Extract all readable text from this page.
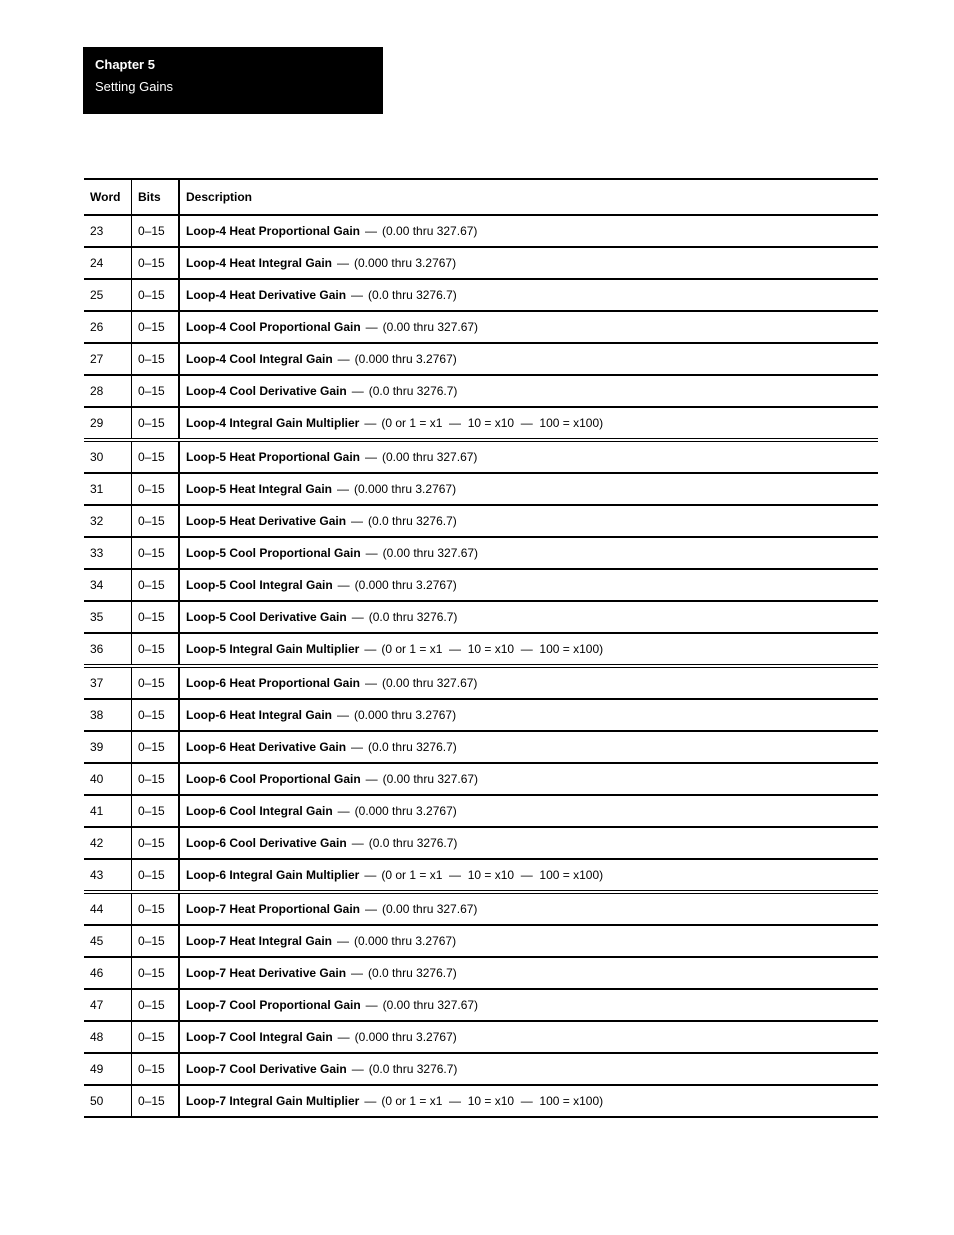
Chapter 5
Setting Gains
Word	Bits	Description
23	0–15	Loop-4 Heat Proportional Gain — (0.00 thru 327.67)
24	0–15	Loop-4 Heat Integral Gain — (0.000 thru 3.2767)
25	0–15	Loop-4 Heat Derivative Gain — (0.0 thru 3276.7)
26	0–15	Loop-4 Cool Proportional Gain — (0.00 thru 327.67)
27	0–15	Loop-4 Cool Integral Gain — (0.000 thru 3.2767)
28	0–15	Loop-4 Cool Derivative Gain — (0.0 thru 3276.7)
29	0–15	Loop-4 Integral Gain Multiplier — (0 or 1 = x1  —  10 = x10  —  100 = x100)
30	0–15	Loop-5 Heat Proportional Gain — (0.00 thru 327.67)
31	0–15	Loop-5 Heat Integral Gain — (0.000 thru 3.2767)
32	0–15	Loop-5 Heat Derivative Gain — (0.0 thru 3276.7)
33	0–15	Loop-5 Cool Proportional Gain — (0.00 thru 327.67)
34	0–15	Loop-5 Cool Integral Gain — (0.000 thru 3.2767)
35	0–15	Loop-5 Cool Derivative Gain — (0.0 thru 3276.7)
36	0–15	Loop-5 Integral Gain Multiplier — (0 or 1 = x1  —  10 = x10  —  100 = x100)
37	0–15	Loop-6 Heat Proportional Gain — (0.00 thru 327.67)
38	0–15	Loop-6 Heat Integral Gain — (0.000 thru 3.2767)
39	0–15	Loop-6 Heat Derivative Gain — (0.0 thru 3276.7)
40	0–15	Loop-6 Cool Proportional Gain — (0.00 thru 327.67)
41	0–15	Loop-6 Cool Integral Gain — (0.000 thru 3.2767)
42	0–15	Loop-6 Cool Derivative Gain — (0.0 thru 3276.7)
43	0–15	Loop-6 Integral Gain Multiplier — (0 or 1 = x1  —  10 = x10  —  100 = x100)
44	0–15	Loop-7 Heat Proportional Gain — (0.00 thru 327.67)
45	0–15	Loop-7 Heat Integral Gain — (0.000 thru 3.2767)
46	0–15	Loop-7 Heat Derivative Gain — (0.0 thru 3276.7)
47	0–15	Loop-7 Cool Proportional Gain — (0.00 thru 327.67)
48	0–15	Loop-7 Cool Integral Gain — (0.000 thru 3.2767)
49	0–15	Loop-7 Cool Derivative Gain — (0.0 thru 3276.7)
50	0–15	Loop-7 Integral Gain Multiplier — (0 or 1 = x1  —  10 = x10  —  100 = x100)
